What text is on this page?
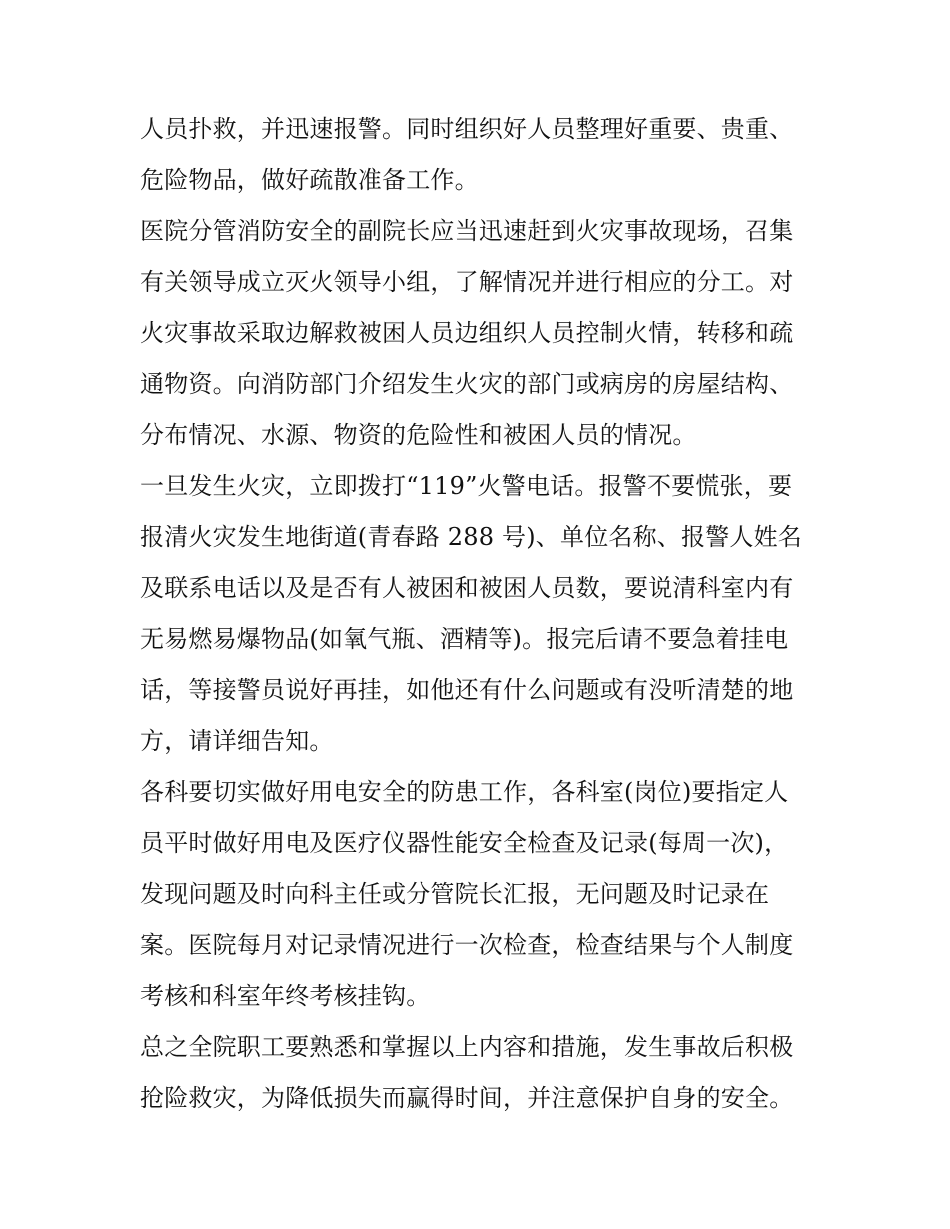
人员扑救，并迅速报警。同时组织好人员整理好重要、贵重、
危险物品，做好疏散准备工作。
医院分管消防安全的副院长应当迅速赶到火灾事故现场，召集
有关领导成立灭火领导小组，了解情况并进行相应的分工。对
火灾事故采取边解救被困人员边组织人员控制火情，转移和疏
通物资。向消防部门介绍发生火灾的部门或病房的房屋结构、
分布情况、水源、物资的危险性和被困人员的情况。
一旦发生火灾，立即拨打“119”火警电话。报警不要慌张，要
报清火灾发生地街道(青春路 288 号)、单位名称、报警人姓名
及联系电话以及是否有人被困和被困人员数，要说清科室内有
无易燃易爆物品(如氧气瓶、酒精等)。报完后请不要急着挂电
话，等接警员说好再挂，如他还有什么问题或有没听清楚的地
方，请详细告知。
各科要切实做好用电安全的防患工作，各科室(岗位)要指定人
员平时做好用电及医疗仪器性能安全检查及记录(每周一次)，
发现问题及时向科主任或分管院长汇报，无问题及时记录在
案。医院每月对记录情况进行一次检查，检查结果与个人制度
考核和科室年终考核挂钩。
总之全院职工要熟悉和掌握以上内容和措施，发生事故后积极
抢险救灾，为降低损失而赢得时间，并注意保护自身的安全。
